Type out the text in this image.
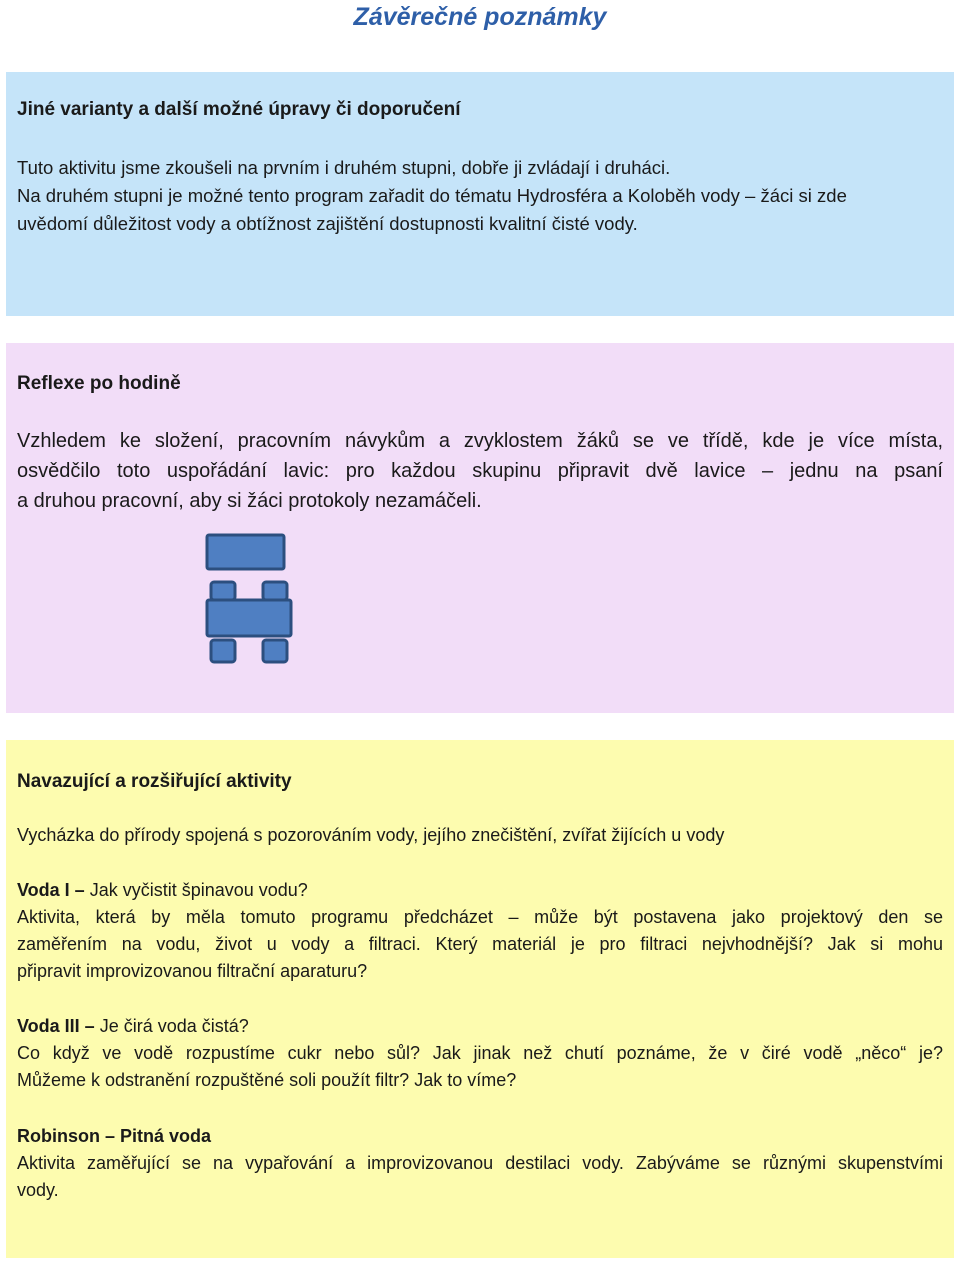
Závěrečné poznámky
Jiné varianty a další možné úpravy či doporučení
Tuto aktivitu jsme zkoušeli na prvním i druhém stupni, dobře ji zvládají i druháci.
Na druhém stupni je možné tento program zařadit do tématu Hydrosféra a Koloběh vody – žáci si zde
uvědomí důležitost vody a obtížnost zajištění dostupnosti kvalitní čisté vody.
Reflexe po hodině
Vzhledem ke složení, pracovním návykům a zvyklostem žáků se ve třídě, kde je více místa,
osvědčilo toto uspořádání lavic: pro každou skupinu připravit dvě lavice – jednu na psaní
a druhou pracovní, aby si žáci protokoly nezamáčeli.
Navazující a rozšiřující aktivity
Vycházka do přírody spojená s pozorováním vody, jejího znečištění, zvířat žijících u vody
Voda I – Jak vyčistit špinavou vodu?
Aktivita, která by měla tomuto programu předcházet – může být postavena jako projektový den se
zaměřením na vodu, život u vody a filtraci. Který materiál je pro filtraci nejvhodnější? Jak si mohu
připravit improvizovanou filtrační aparaturu?
Voda III – Je čirá voda čistá?
Co když ve vodě rozpustíme cukr nebo sůl? Jak jinak než chutí poznáme, že v čiré vodě „něco“ je?
Můžeme k odstranění rozpuštěné soli použít filtr? Jak to víme?
Robinson – Pitná voda
Aktivita zaměřující se na vypařování a improvizovanou destilaci vody. Zabýváme se různými skupenstvími
vody.
